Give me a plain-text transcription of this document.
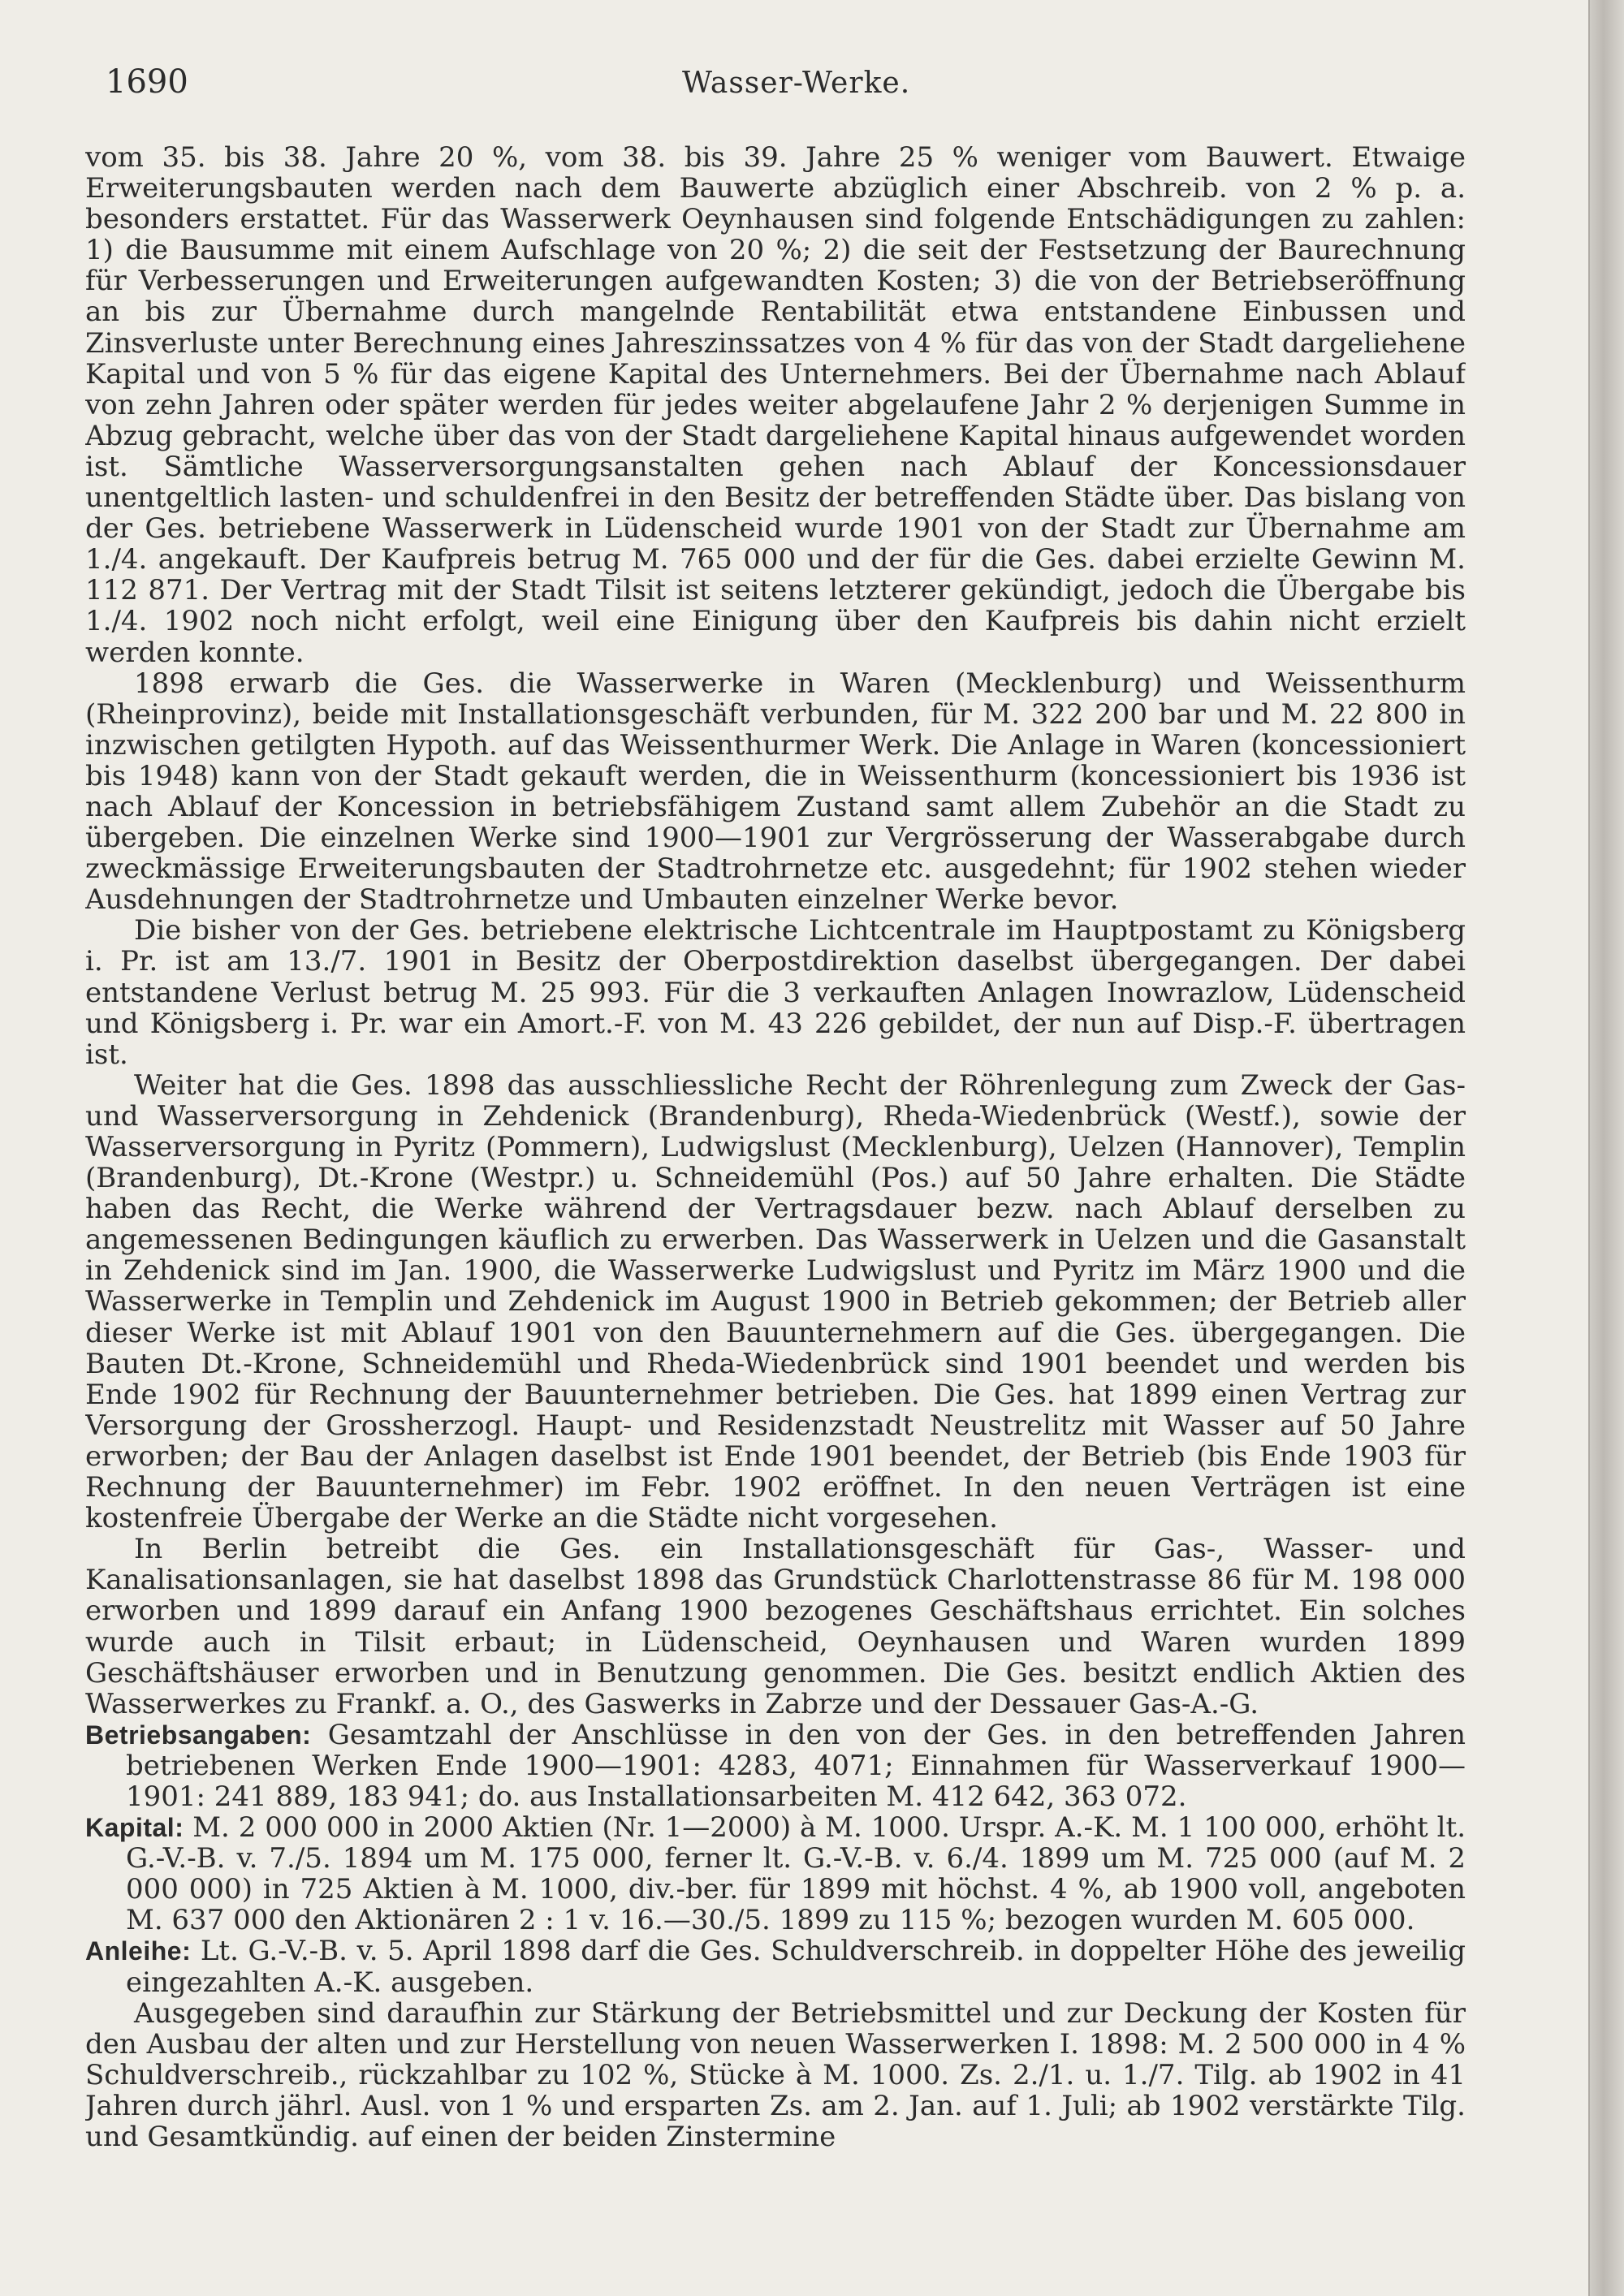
1690	Wasser-Werke.

vom 35. bis 38. Jahre 20 %, vom 38. bis 39. Jahre 25 % weniger vom Bauwert. Etwaige Erweiterungsbauten werden nach dem Bauwerte abzüglich einer Abschreib. von 2 % p. a. besonders erstattet. Für das Wasserwerk Oeynhausen sind folgende Entschädigungen zu zahlen: 1) die Bausumme mit einem Aufschlage von 20 %; 2) die seit der Festsetzung der Baurechnung für Verbesserungen und Erweiterungen aufgewandten Kosten; 3) die von der Betriebseröffnung an bis zur Übernahme durch mangelnde Rentabilität etwa entstandene Einbussen und Zinsverluste unter Berechnung eines Jahreszinssatzes von 4 % für das von der Stadt dargeliehene Kapital und von 5 % für das eigene Kapital des Unternehmers. Bei der Übernahme nach Ablauf von zehn Jahren oder später werden für jedes weiter abgelaufene Jahr 2 % derjenigen Summe in Abzug gebracht, welche über das von der Stadt dargeliehene Kapital hinaus aufgewendet worden ist. Sämtliche Wasserversorgungsanstalten gehen nach Ablauf der Koncessionsdauer unentgeltlich lasten- und schuldenfrei in den Besitz der betreffenden Städte über. Das bislang von der Ges. betriebene Wasserwerk in Lüdenscheid wurde 1901 von der Stadt zur Übernahme am 1./4. angekauft. Der Kaufpreis betrug M. 765 000 und der für die Ges. dabei erzielte Gewinn M. 112 871. Der Vertrag mit der Stadt Tilsit ist seitens letzterer gekündigt, jedoch die Übergabe bis 1./4. 1902 noch nicht erfolgt, weil eine Einigung über den Kaufpreis bis dahin nicht erzielt werden konnte.

1898 erwarb die Ges. die Wasserwerke in Waren (Mecklenburg) und Weissenthurm (Rheinprovinz), beide mit Installationsgeschäft verbunden, für M. 322 200 bar und M. 22 800 in inzwischen getilgten Hypoth. auf das Weissenthurmer Werk. Die Anlage in Waren (koncessioniert bis 1948) kann von der Stadt gekauft werden, die in Weissenthurm (koncessioniert bis 1936 ist nach Ablauf der Koncession in betriebsfähigem Zustand samt allem Zubehör an die Stadt zu übergeben. Die einzelnen Werke sind 1900—1901 zur Vergrösserung der Wasserabgabe durch zweckmässige Erweiterungsbauten der Stadtrohrnetze etc. ausgedehnt; für 1902 stehen wieder Ausdehnungen der Stadtrohrnetze und Umbauten einzelner Werke bevor.

Die bisher von der Ges. betriebene elektrische Lichtcentrale im Hauptpostamt zu Königsberg i. Pr. ist am 13./7. 1901 in Besitz der Oberpostdirektion daselbst übergegangen. Der dabei entstandene Verlust betrug M. 25 993. Für die 3 verkauften Anlagen Inowrazlow, Lüdenscheid und Königsberg i. Pr. war ein Amort.-F. von M. 43 226 gebildet, der nun auf Disp.-F. übertragen ist.

Weiter hat die Ges. 1898 das ausschliessliche Recht der Röhrenlegung zum Zweck der Gas- und Wasserversorgung in Zehdenick (Brandenburg), Rheda-Wiedenbrück (Westf.), sowie der Wasserversorgung in Pyritz (Pommern), Ludwigslust (Mecklenburg), Uelzen (Hannover), Templin (Brandenburg), Dt.-Krone (Westpr.) u. Schneidemühl (Pos.) auf 50 Jahre erhalten. Die Städte haben das Recht, die Werke während der Vertragsdauer bezw. nach Ablauf derselben zu angemessenen Bedingungen käuflich zu erwerben. Das Wasserwerk in Uelzen und die Gasanstalt in Zehdenick sind im Jan. 1900, die Wasserwerke Ludwigslust und Pyritz im März 1900 und die Wasserwerke in Templin und Zehdenick im August 1900 in Betrieb gekommen; der Betrieb aller dieser Werke ist mit Ablauf 1901 von den Bauunternehmern auf die Ges. übergegangen. Die Bauten Dt.-Krone, Schneidemühl und Rheda-Wiedenbrück sind 1901 beendet und werden bis Ende 1902 für Rechnung der Bauunternehmer betrieben. Die Ges. hat 1899 einen Vertrag zur Versorgung der Grossherzogl. Haupt- und Residenzstadt Neustrelitz mit Wasser auf 50 Jahre erworben; der Bau der Anlagen daselbst ist Ende 1901 beendet, der Betrieb (bis Ende 1903 für Rechnung der Bauunternehmer) im Febr. 1902 eröffnet. In den neuen Verträgen ist eine kostenfreie Übergabe der Werke an die Städte nicht vorgesehen.

In Berlin betreibt die Ges. ein Installationsgeschäft für Gas-, Wasser- und Kanalisationsanlagen, sie hat daselbst 1898 das Grundstück Charlottenstrasse 86 für M. 198 000 erworben und 1899 darauf ein Anfang 1900 bezogenes Geschäftshaus errichtet. Ein solches wurde auch in Tilsit erbaut; in Lüdenscheid, Oeynhausen und Waren wurden 1899 Geschäftshäuser erworben und in Benutzung genommen. Die Ges. besitzt endlich Aktien des Wasserwerkes zu Frankf. a. O., des Gaswerks in Zabrze und der Dessauer Gas-A.-G.

Betriebsangaben: Gesamtzahl der Anschlüsse in den von der Ges. in den betreffenden Jahren betriebenen Werken Ende 1900—1901: 4283, 4071; Einnahmen für Wasserverkauf 1900—1901: 241 889, 183 941; do. aus Installationsarbeiten M. 412 642, 363 072.

Kapital: M. 2 000 000 in 2000 Aktien (Nr. 1—2000) à M. 1000. Urspr. A.-K. M. 1 100 000, erhöht lt. G.-V.-B. v. 7./5. 1894 um M. 175 000, ferner lt. G.-V.-B. v. 6./4. 1899 um M. 725 000 (auf M. 2 000 000) in 725 Aktien à M. 1000, div.-ber. für 1899 mit höchst. 4 %, ab 1900 voll, angeboten M. 637 000 den Aktionären 2 : 1 v. 16.—30./5. 1899 zu 115 %; bezogen wurden M. 605 000.

Anleihe: Lt. G.-V.-B. v. 5. April 1898 darf die Ges. Schuldverschreib. in doppelter Höhe des jeweilig eingezahlten A.-K. ausgeben.

Ausgegeben sind daraufhin zur Stärkung der Betriebsmittel und zur Deckung der Kosten für den Ausbau der alten und zur Herstellung von neuen Wasserwerken I. 1898: M. 2 500 000 in 4 % Schuldverschreib., rückzahlbar zu 102 %, Stücke à M. 1000. Zs. 2./1. u. 1./7. Tilg. ab 1902 in 41 Jahren durch jährl. Ausl. von 1 % und ersparten Zs. am 2. Jan. auf 1. Juli; ab 1902 verstärkte Tilg. und Gesamtkündig. auf einen der beiden Zinstermine
